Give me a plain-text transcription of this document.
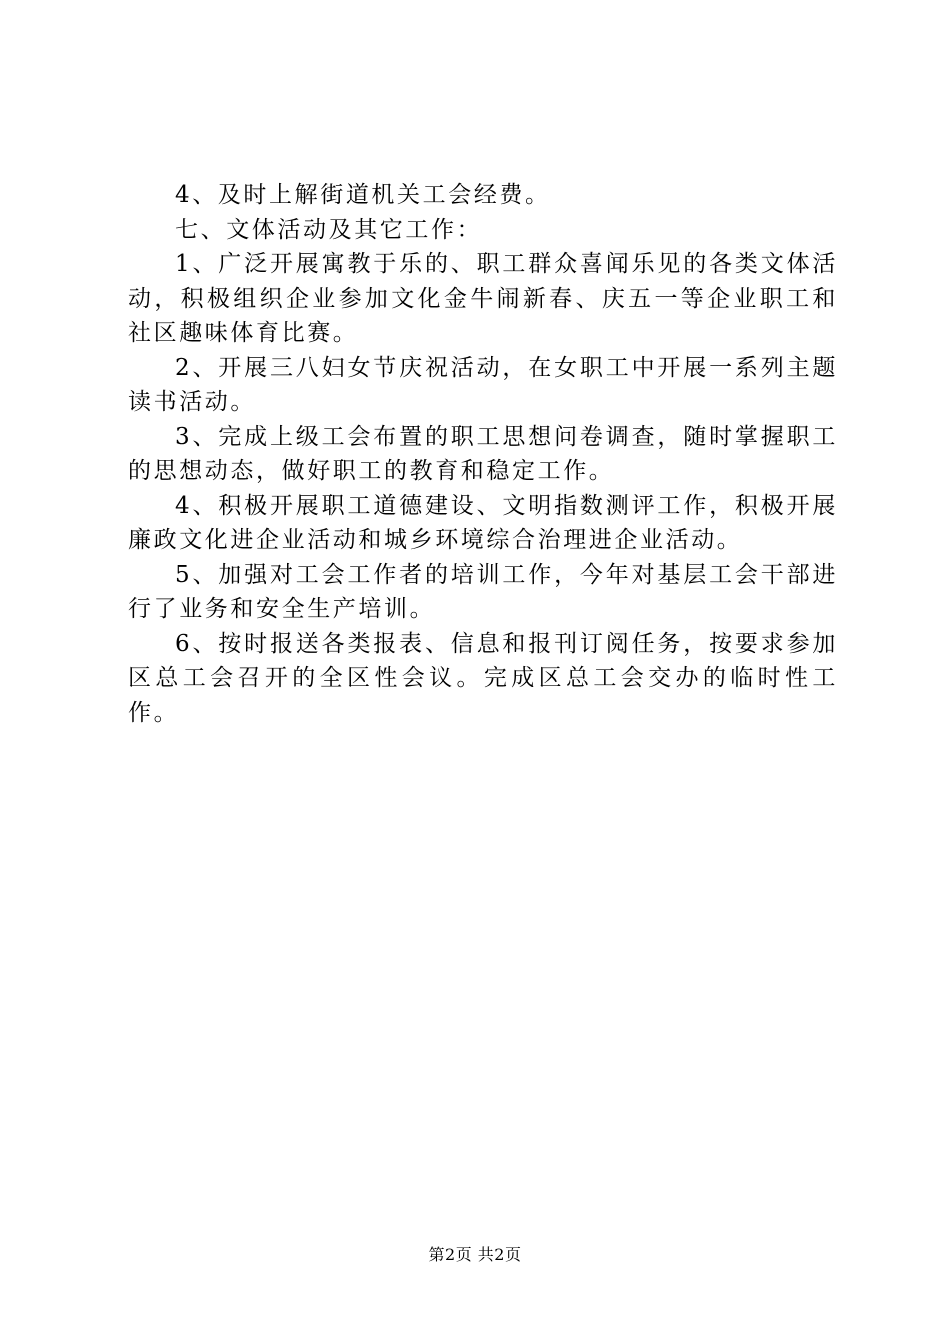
4、及时上解街道机关工会经费。

七、文体活动及其它工作：

1、广泛开展寓教于乐的、职工群众喜闻乐见的各类文体活动，积极组织企业参加文化金牛闹新春、庆五一等企业职工和社区趣味体育比赛。

2、开展三八妇女节庆祝活动，在女职工中开展一系列主题读书活动。

3、完成上级工会布置的职工思想问卷调查，随时掌握职工的思想动态，做好职工的教育和稳定工作。

4、积极开展职工道德建设、文明指数测评工作，积极开展廉政文化进企业活动和城乡环境综合治理进企业活动。

5、加强对工会工作者的培训工作，今年对基层工会干部进行了业务和安全生产培训。

6、按时报送各类报表、信息和报刊订阅任务，按要求参加区总工会召开的全区性会议。完成区总工会交办的临时性工作。

第2页 共2页
